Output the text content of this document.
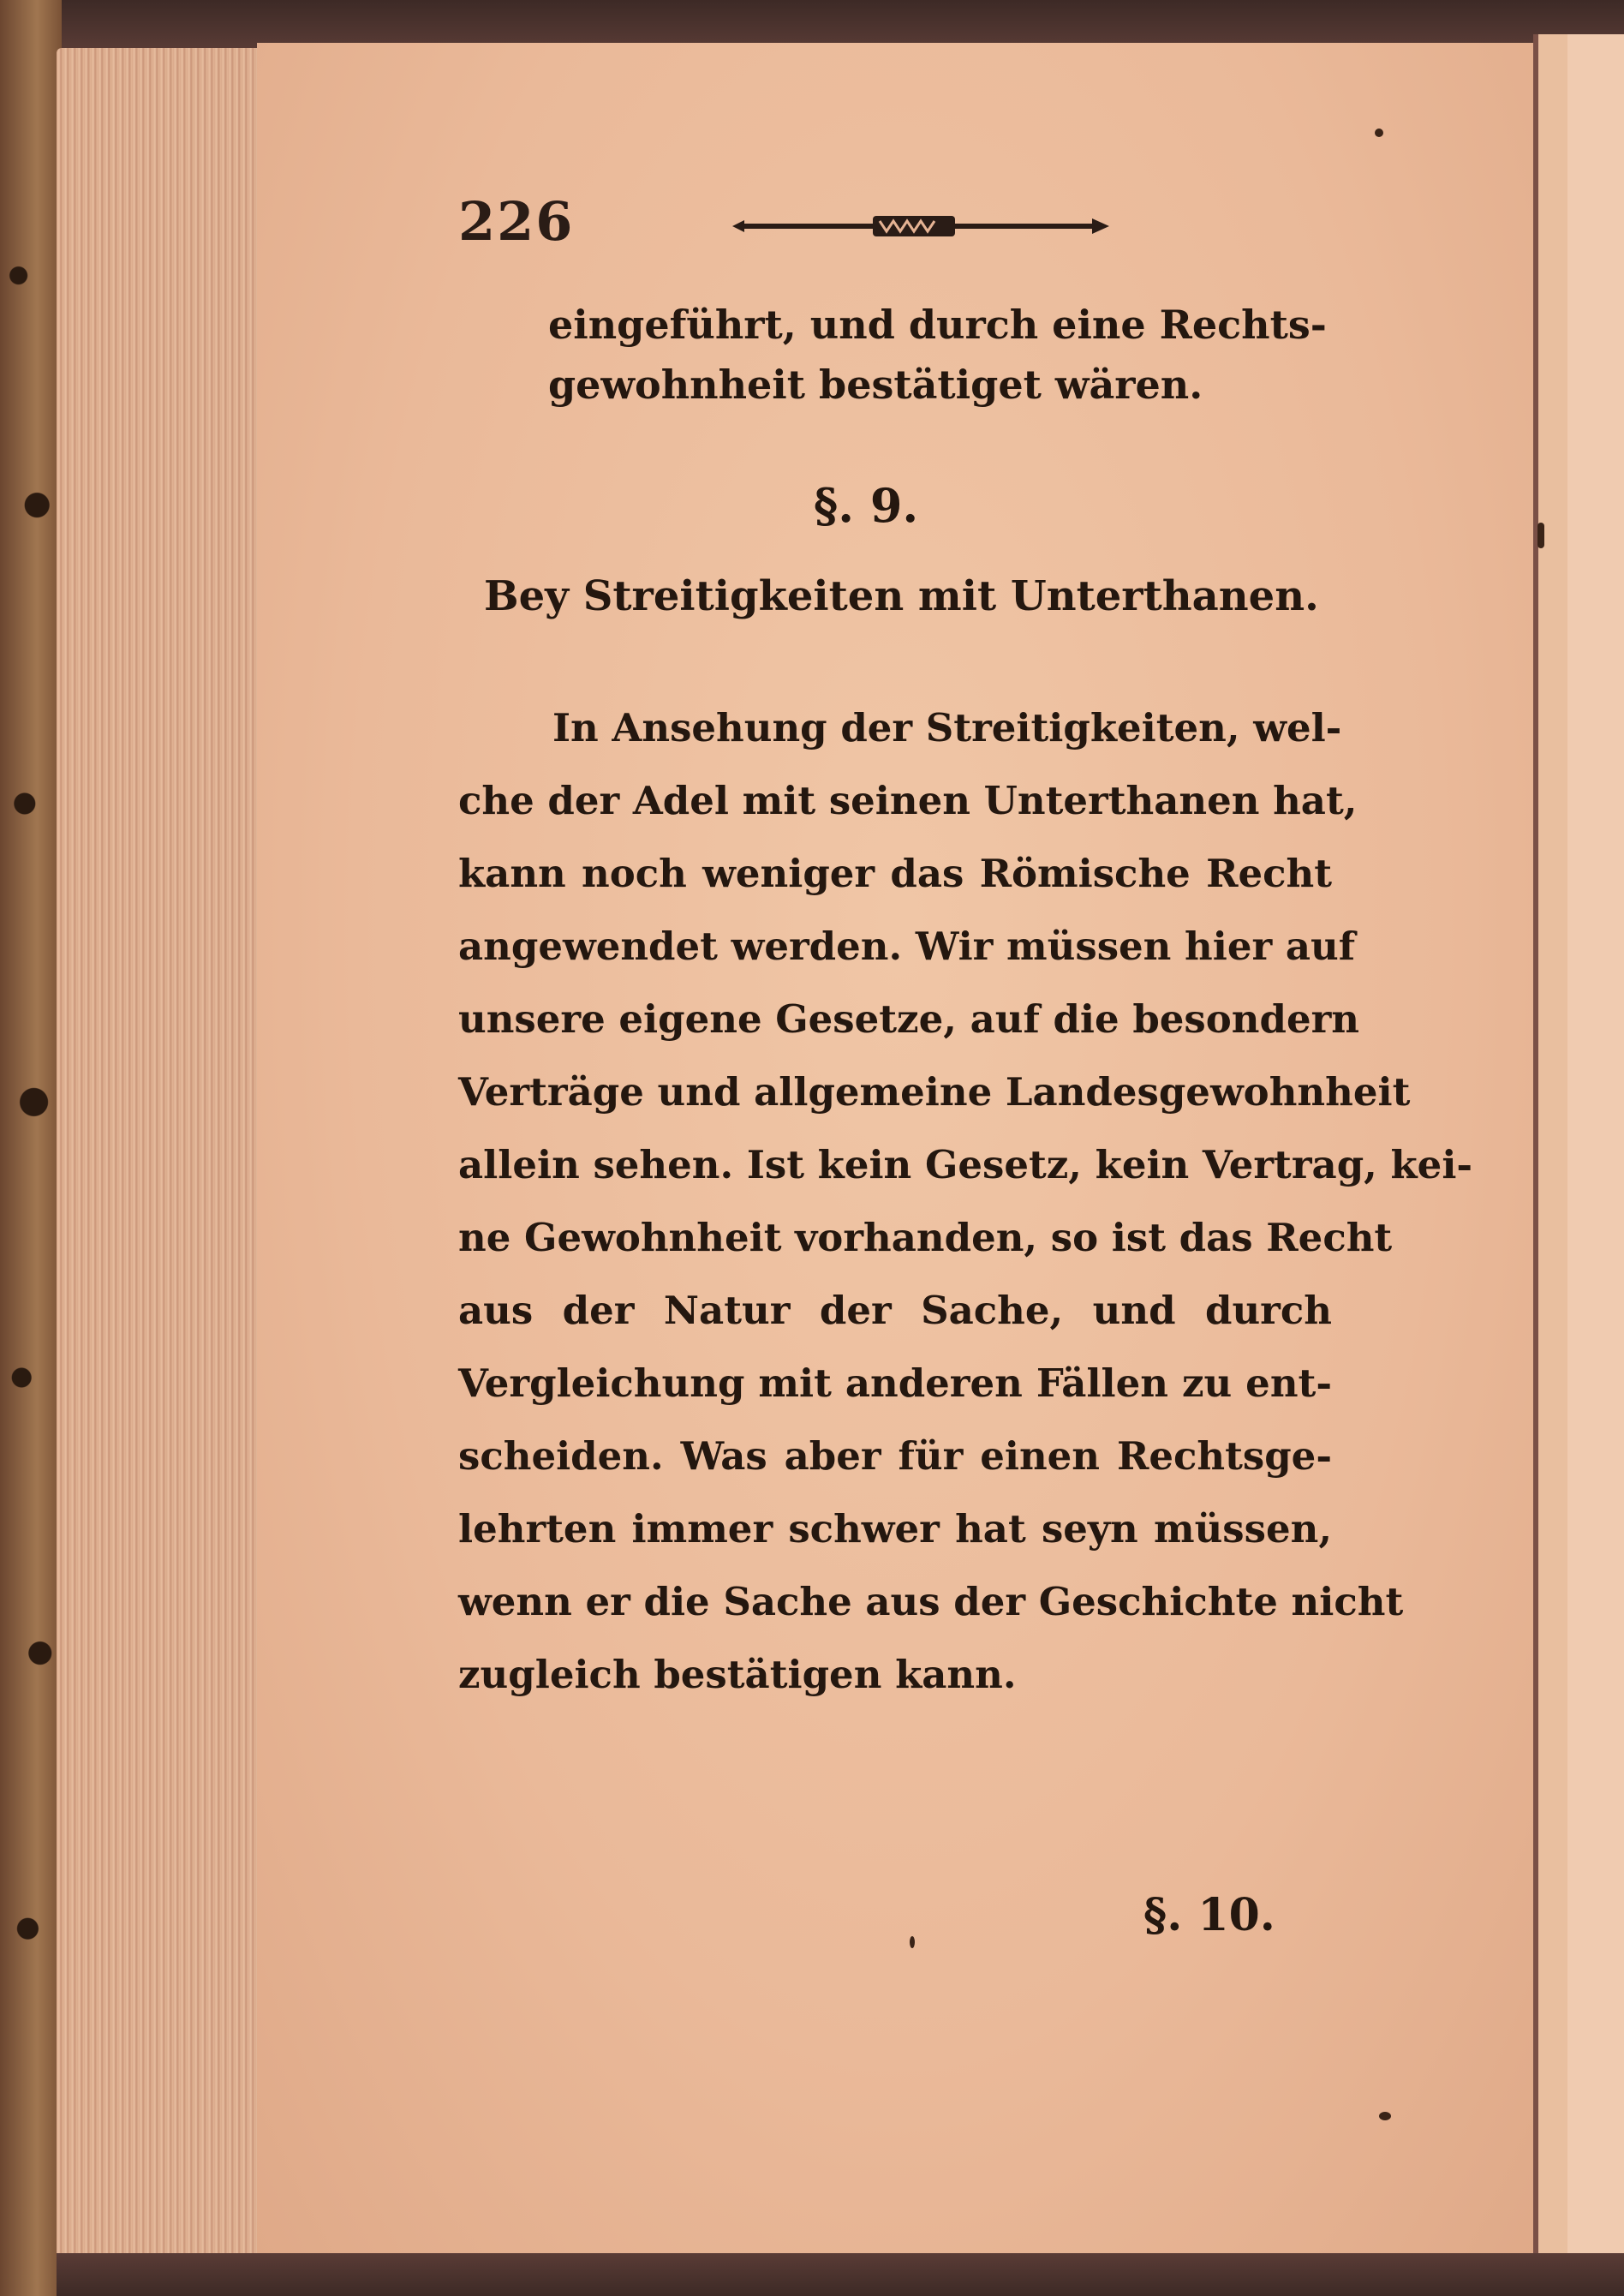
226
eingeführt, und durch eine Rechts-
gewohnheit bestätiget wären.
§. 9.
Bey Streitigkeiten mit Unterthanen.
In Ansehung der Streitigkeiten, wel-
che der Adel mit seinen Unterthanen hat,
kann noch weniger das Römische Recht
angewendet werden. Wir müssen hier auf
unsere eigene Gesetze, auf die besondern
Verträge und allgemeine Landesgewohnheit
allein sehen. Ist kein Gesetz, kein Vertrag, kei-
ne Gewohnheit vorhanden, so ist das Recht
aus der Natur der Sache, und durch
Vergleichung mit anderen Fällen zu ent-
scheiden. Was aber für einen Rechtsge-
lehrten immer schwer hat seyn müssen,
wenn er die Sache aus der Geschichte nicht
zugleich bestätigen kann.
§. 10.
